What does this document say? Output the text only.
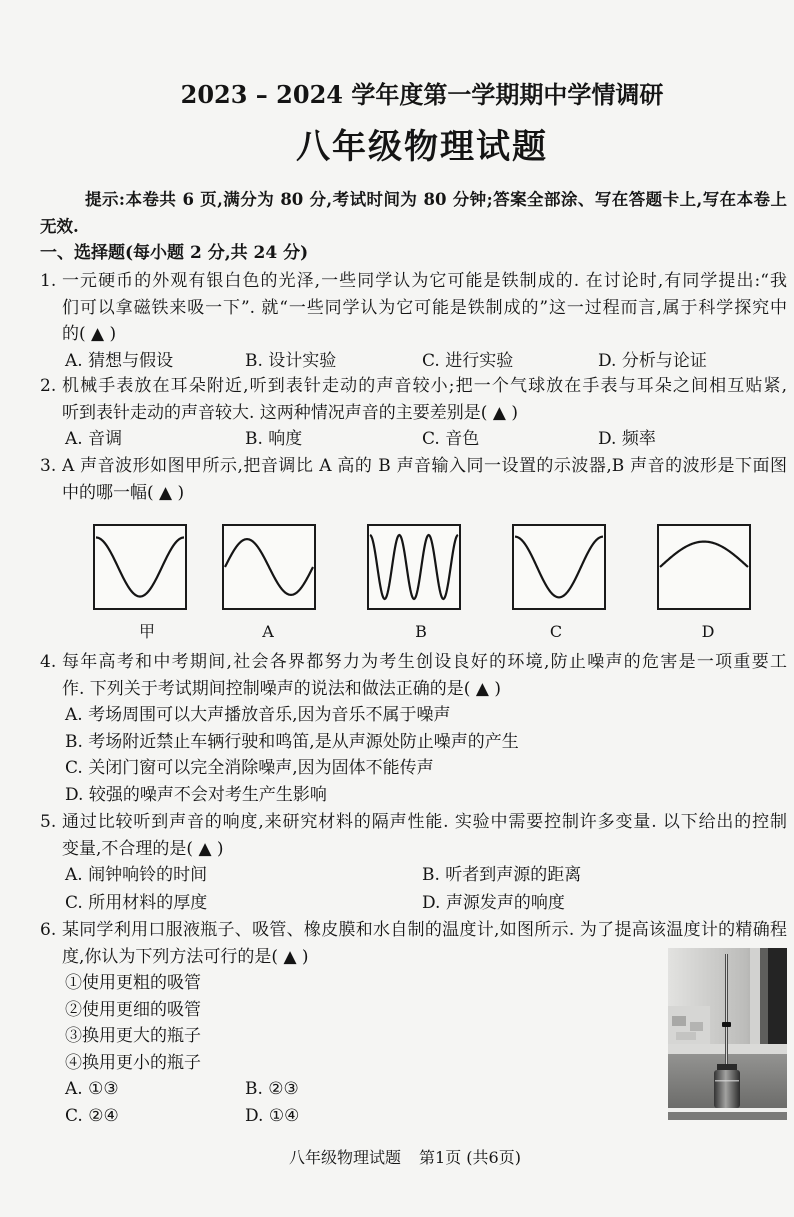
2023 – 2024 学年度第一学期期中学情调研
八年级物理试题
提示:本卷共 6 页,满分为 80 分,考试时间为 80 分钟;答案全部涂、写在答题卡上,写在本卷上
无效.
一、选择题(每小题 2 分,共 24 分)
1. 一元硬币的外观有银白色的光泽,一些同学认为它可能是铁制成的. 在讨论时,有同学提出:“我
们可以拿磁铁来吸一下”. 就“一些同学认为它可能是铁制成的”这一过程而言,属于科学探究中
的( ▲ )
A. 猜想与假设	B. 设计实验	C. 进行实验	D. 分析与论证
2. 机械手表放在耳朵附近,听到表针走动的声音较小;把一个气球放在手表与耳朵之间相互贴紧,
听到表针走动的声音较大. 这两种情况声音的主要差别是( ▲ )
A. 音调	B. 响度	C. 音色	D. 频率
3. A 声音波形如图甲所示,把音调比 A 高的 B 声音输入同一设置的示波器,B 声音的波形是下面图
中的哪一幅( ▲ )
甲	A	B	C	D
4. 每年高考和中考期间,社会各界都努力为考生创设良好的环境,防止噪声的危害是一项重要工
作. 下列关于考试期间控制噪声的说法和做法正确的是( ▲ )
A. 考场周围可以大声播放音乐,因为音乐不属于噪声
B. 考场附近禁止车辆行驶和鸣笛,是从声源处防止噪声的产生
C. 关闭门窗可以完全消除噪声,因为固体不能传声
D. 较强的噪声不会对考生产生影响
5. 通过比较听到声音的响度,来研究材料的隔声性能. 实验中需要控制许多变量. 以下给出的控制
变量,不合理的是( ▲ )
A. 闹钟响铃的时间	B. 听者到声源的距离
C. 所用材料的厚度	D. 声源发声的响度
6. 某同学利用口服液瓶子、吸管、橡皮膜和水自制的温度计,如图所示. 为了提高该温度计的精确程
度,你认为下列方法可行的是( ▲ )
①使用更粗的吸管
②使用更细的吸管
③换用更大的瓶子
④换用更小的瓶子
A. ①③	B. ②③
C. ②④	D. ①④
八年级物理试题 第1页 (共6页)
